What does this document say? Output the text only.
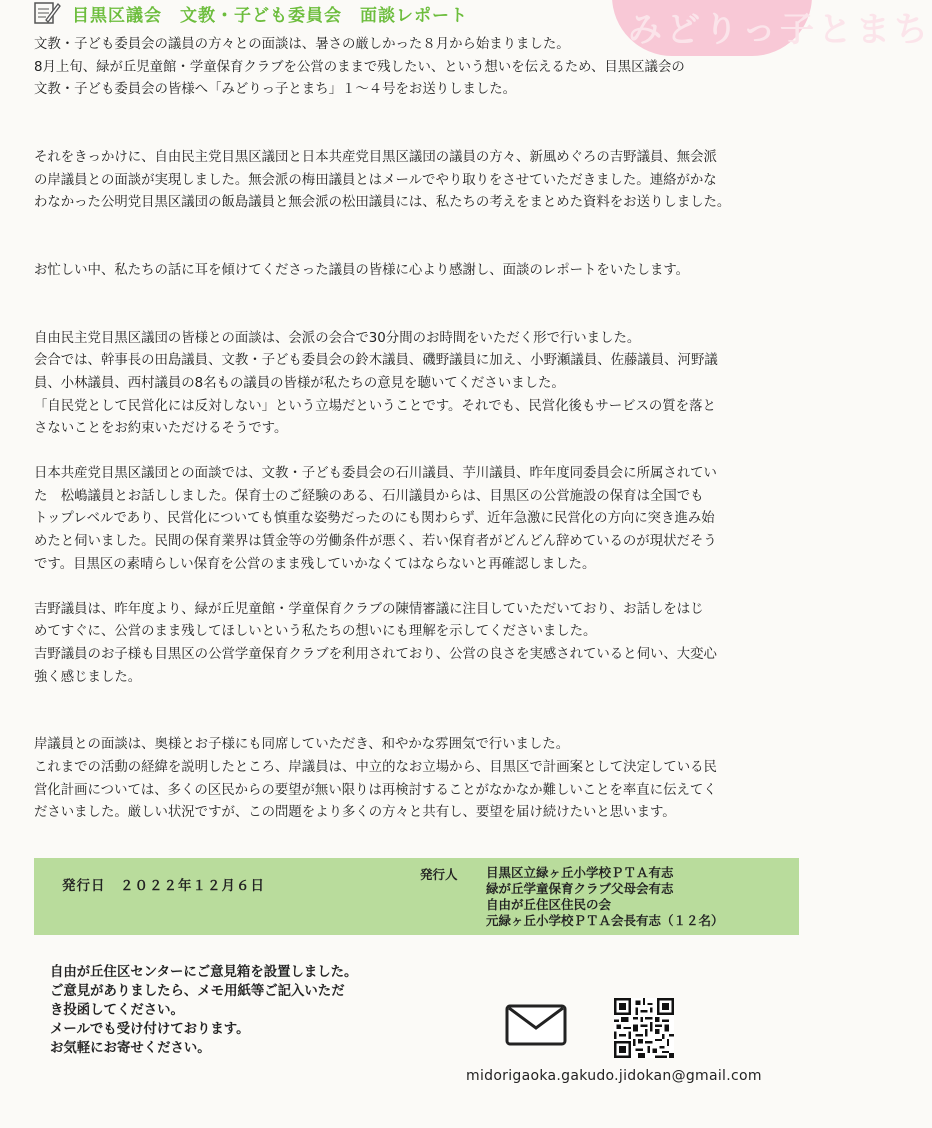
みどりっ子とまち
目黒区議会　文教・子ども委員会　面談レポート
文教・子ども委員会の議員の方々との面談は、暑さの厳しかった８月から始まりました。
8月上旬、緑が丘児童館・学童保育クラブを公営のままで残したい、という想いを伝えるため、目黒区議会の
文教・子ども委員会の皆様へ「みどりっ子とまち」１～４号をお送りしました。
それをきっかけに、自由民主党目黒区議団と日本共産党目黒区議団の議員の方々、新風めぐろの吉野議員、無会派
の岸議員との面談が実現しました。無会派の梅田議員とはメールでやり取りをさせていただきました。連絡がかな
わなかった公明党目黒区議団の飯島議員と無会派の松田議員には、私たちの考えをまとめた資料をお送りしました。
お忙しい中、私たちの話に耳を傾けてくださった議員の皆様に心より感謝し、面談のレポートをいたします。
自由民主党目黒区議団の皆様との面談は、会派の会合で30分間のお時間をいただく形で行いました。
会合では、幹事長の田島議員、文教・子ども委員会の鈴木議員、磯野議員に加え、小野瀬議員、佐藤議員、河野議
員、小林議員、西村議員の8名もの議員の皆様が私たちの意見を聴いてくださいました。
「自民党として民営化には反対しない」という立場だということです。それでも、民営化後もサービスの質を落と
さないことをお約束いただけるそうです。
日本共産党目黒区議団との面談では、文教・子ども委員会の石川議員、芋川議員、昨年度同委員会に所属されてい
た　松嶋議員とお話ししました。保育士のご経験のある、石川議員からは、目黒区の公営施設の保育は全国でも
トップレベルであり、民営化についても慎重な姿勢だったのにも関わらず、近年急激に民営化の方向に突き進み始
めたと伺いました。民間の保育業界は賃金等の労働条件が悪く、若い保育者がどんどん辞めているのが現状だそう
です。目黒区の素晴らしい保育を公営のまま残していかなくてはならないと再確認しました。
吉野議員は、昨年度より、緑が丘児童館・学童保育クラブの陳情審議に注目していただいており、お話しをはじ
めてすぐに、公営のまま残してほしいという私たちの想いにも理解を示してくださいました。
吉野議員のお子様も目黒区の公営学童保育クラブを利用されており、公営の良さを実感されていると伺い、大変心
強く感じました。
岸議員との面談は、奥様とお子様にも同席していただき、和やかな雰囲気で行いました。
これまでの活動の経緯を説明したところ、岸議員は、中立的なお立場から、目黒区で計画案として決定している民
営化計画については、多くの区民からの要望が無い限りは再検討することがなかなか難しいことを率直に伝えてく
ださいました。厳しい状況ですが、この問題をより多くの方々と共有し、要望を届け続けたいと思います。
発行日　２０２２年１２月６日
発行人 目黒区立緑ヶ丘小学校ＰＴＡ有志
緑が丘学童保育クラブ父母会有志
自由が丘住区住民の会
元緑ヶ丘小学校ＰＴＡ会長有志（１２名）
自由が丘住区センターにご意見箱を設置しました。
ご意見がありましたら、メモ用紙等ご記入いただ
き投函してください。
メールでも受け付けております。
お気軽にお寄せください。
midorigaoka.gakudo.jidokan@gmail.com
